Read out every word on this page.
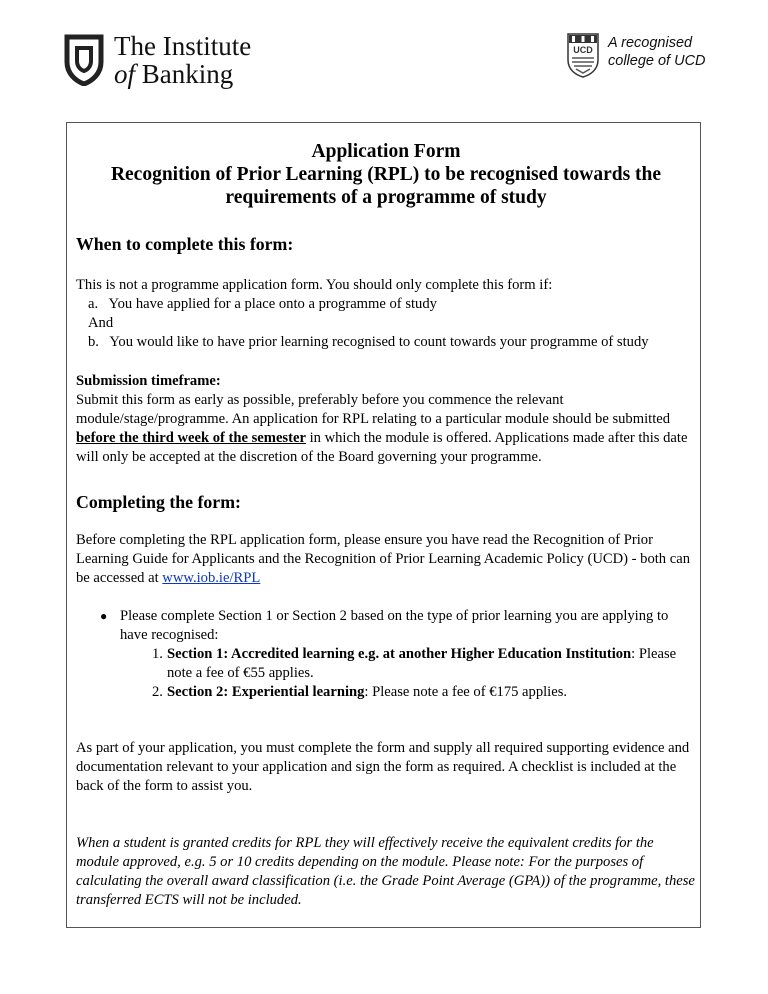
The Institute
of Banking
UCD A recognised
college of UCD
Application Form
Recognition of Prior Learning (RPL) to be recognised towards the
requirements of a programme of study
When to complete this form:
This is not a programme application form. You should only complete this form if:
a.   You have applied for a place onto a programme of study
And
b.   You would like to have prior learning recognised to count towards your programme of study
Submission timeframe:
Submit this form as early as possible, preferably before you commence the relevant module/stage/programme. An application for RPL relating to a particular module should be submitted before the third week of the semester in which the module is offered. Applications made after this date will only be accepted at the discretion of the Board governing your programme.
Completing the form:
Before completing the RPL application form, please ensure you have read the Recognition of Prior Learning Guide for Applicants and the Recognition of Prior Learning Academic Policy (UCD) - both can be accessed at www.iob.ie/RPL
● Please complete Section 1 or Section 2 based on the type of prior learning you are applying to have recognised:
1. Section 1: Accredited learning e.g. at another Higher Education Institution: Please note a fee of €55 applies.
2. Section 2: Experiential learning: Please note a fee of €175 applies.
As part of your application, you must complete the form and supply all required supporting evidence and documentation relevant to your application and sign the form as required. A checklist is included at the back of the form to assist you.
When a student is granted credits for RPL they will effectively receive the equivalent credits for the module approved, e.g. 5 or 10 credits depending on the module. Please note: For the purposes of calculating the overall award classification (i.e. the Grade Point Average (GPA)) of the programme, these transferred ECTS will not be included.
